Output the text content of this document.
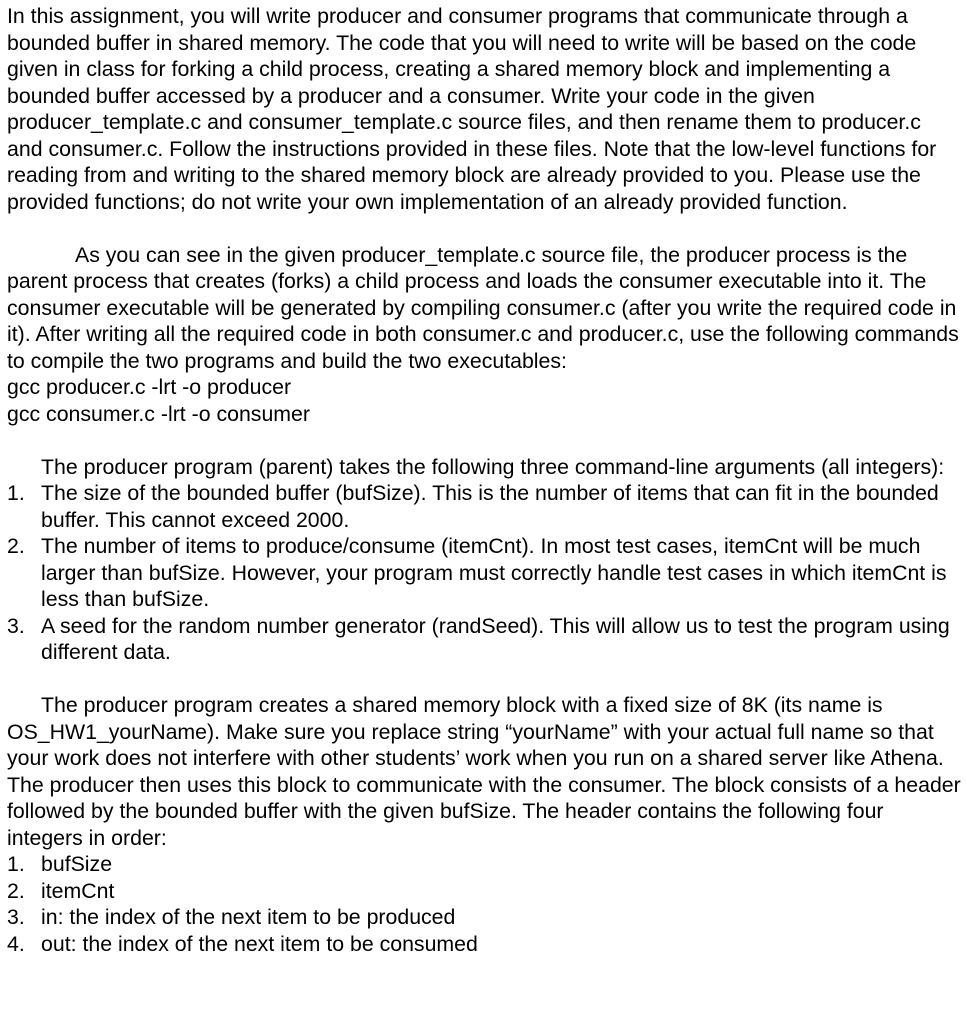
In this assignment, you will write producer and consumer programs that communicate through a bounded buffer in shared memory. The code that you will need to write will be based on the code given in class for forking a child process, creating a shared memory block and implementing a bounded buffer accessed by a producer and a consumer. Write your code in the given producer_template.c and consumer_template.c source files, and then rename them to producer.c and consumer.c. Follow the instructions provided in these files. Note that the low-level functions for reading from and writing to the shared memory block are already provided to you. Please use the provided functions; do not write your own implementation of an already provided function.

As you can see in the given producer_template.c source file, the producer process is the parent process that creates (forks) a child process and loads the consumer executable into it. The consumer executable will be generated by compiling consumer.c (after you write the required code in it). After writing all the required code in both consumer.c and producer.c, use the following commands to compile the two programs and build the two executables:

gcc producer.c -lrt -o producer
gcc consumer.c -lrt -o consumer

The producer program (parent) takes the following three command-line arguments (all integers):

1. The size of the bounded buffer (bufSize). This is the number of items that can fit in the bounded buffer. This cannot exceed 2000.
2. The number of items to produce/consume (itemCnt). In most test cases, itemCnt will be much larger than bufSize. However, your program must correctly handle test cases in which itemCnt is less than bufSize.
3. A seed for the random number generator (randSeed). This will allow us to test the program using different data.

The producer program creates a shared memory block with a fixed size of 8K (its name is OS_HW1_yourName). Make sure you replace string “yourName” with your actual full name so that your work does not interfere with other students’ work when you run on a shared server like Athena. The producer then uses this block to communicate with the consumer. The block consists of a header followed by the bounded buffer with the given bufSize. The header contains the following four integers in order:

1. bufSize
2. itemCnt
3. in: the index of the next item to be produced
4. out: the index of the next item to be consumed
